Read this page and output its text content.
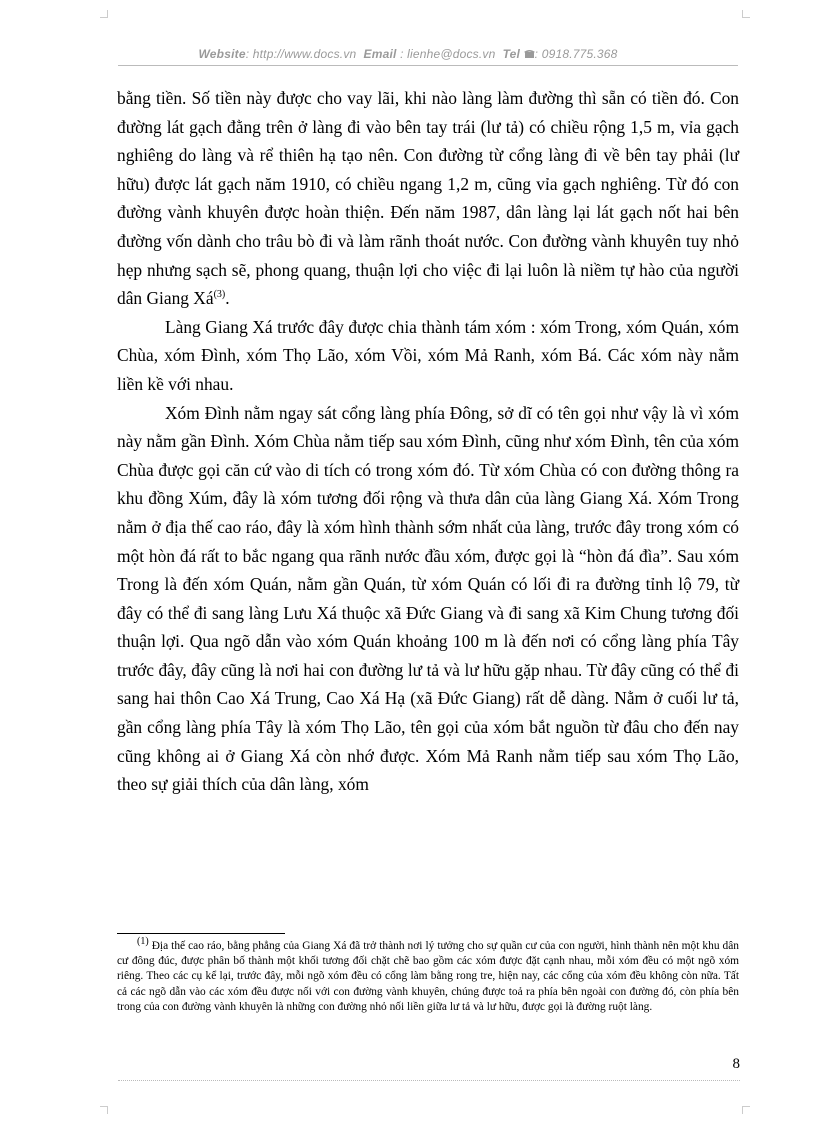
Website: http://www.docs.vn Email : lienhe@docs.vn Tel : 0918.775.368

bằng tiền. Số tiền này được cho vay lãi, khi nào làng làm đường thì sẵn có tiền đó. Con đường lát gạch đằng trên ở làng đi vào bên tay trái (lư tả) có chiều rộng 1,5 m, vỉa gạch nghiêng do làng và rể thiên hạ tạo nên. Con đường từ cổng làng đi về bên tay phải (lư hữu) được lát gạch năm 1910, có chiều ngang 1,2 m, cũng vỉa gạch nghiêng. Từ đó con đường vành khuyên được hoàn thiện. Đến năm 1987, dân làng lại lát gạch nốt hai bên đường vốn dành cho trâu bò đi và làm rãnh thoát nước. Con đường vành khuyên tuy nhỏ hẹp nhưng sạch sẽ, phong quang, thuận lợi cho việc đi lại luôn là niềm tự hào của người dân Giang $Xá^{(3)}$.

Làng Giang Xá trước đây được chia thành tám xóm : xóm Trong, xóm Quán, xóm Chùa, xóm Đình, xóm Thọ Lão, xóm Vồi, xóm Mả Ranh, xóm Bá. Các xóm này nằm liền kề với nhau.

Xóm Đình nằm ngay sát cổng làng phía Đông, sở dĩ có tên gọi như vậy là vì xóm này nằm gần Đình. Xóm Chùa nằm tiếp sau xóm Đình, cũng như xóm Đình, tên của xóm Chùa được gọi căn cứ vào di tích có trong xóm đó. Từ xóm Chùa có con đường thông ra khu đồng Xúm, đây là xóm tương đối rộng và thưa dân của làng Giang Xá. Xóm Trong nằm ở địa thế cao ráo, đây là xóm hình thành sớm nhất của làng, trước đây trong xóm có một hòn đá rất to bắc ngang qua rãnh nước đầu xóm, được gọi là “hòn đá đìa”. Sau xóm Trong là đến xóm Quán, nằm gần Quán, từ xóm Quán có lối đi ra đường tỉnh lộ 79, từ đây có thể đi sang làng Lưu Xá thuộc xã Đức Giang và đi sang xã Kim Chung tương đối thuận lợi. Qua ngõ dẫn vào xóm Quán khoảng 100 m là đến nơi có cổng làng phía Tây trước đây, đây cũng là nơi hai con đường lư tả và lư hữu gặp nhau. Từ đây cũng có thể đi sang hai thôn Cao Xá Trung, Cao Xá Hạ (xã Đức Giang) rất dễ dàng. Nằm ở cuối lư tả, gần cổng làng phía Tây là xóm Thọ Lão, tên gọi của xóm bắt nguồn từ đâu cho đến nay cũng không ai ở Giang Xá còn nhớ được. Xóm Mả Ranh nằm tiếp sau xóm Thọ Lão, theo sự giải thích của dân làng, xóm

$^{(1)}$ Địa thế cao ráo, bằng phẳng của Giang Xá đã trở thành nơi lý tưởng cho sự quần cư của con người, hình thành nên một khu dân cư đông đúc, được phân bố thành một khối tương đối chặt chẽ bao gồm các xóm được đặt cạnh nhau, mỗi xóm đều có một ngõ xóm riêng. Theo các cụ kể lại, trước đây, mỗi ngõ xóm đều có cổng làm bằng rong tre, hiện nay, các cổng của xóm đều không còn nữa. Tất cả các ngõ dẫn vào các xóm đều được nối với con đường vành khuyên, chúng được toả ra phía bên ngoài con đường đó, còn phía bên trong của con đường vành khuyên là những con đường nhỏ nối liền giữa lư tả và lư hữu, được gọi là đường ruột làng.
8
